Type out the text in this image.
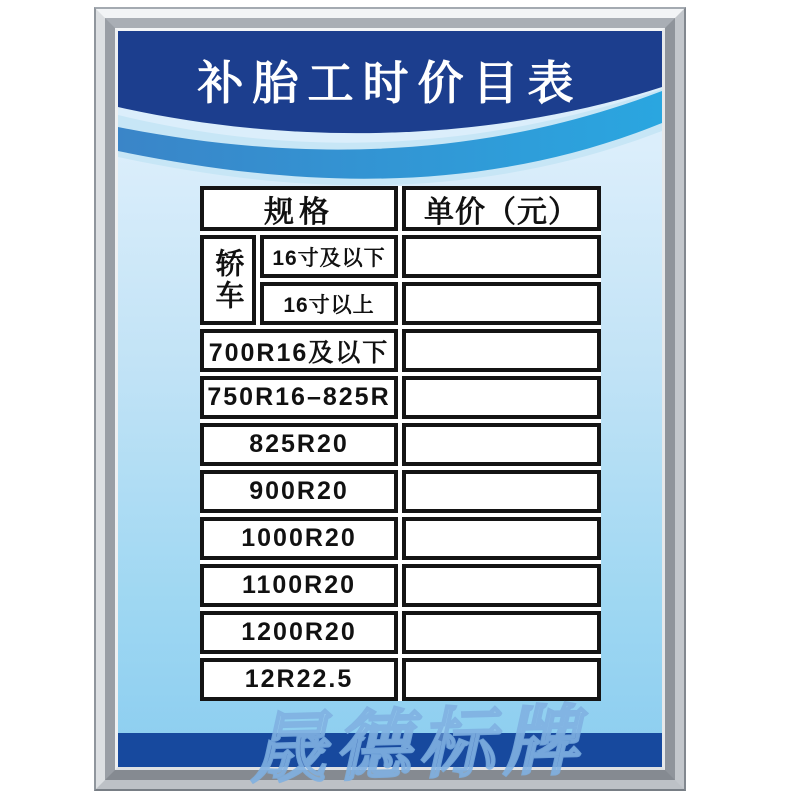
补胎工时价目表
规格	单价（元）
轿车	16寸及以下
16寸以上
700R16及以下
750R16–825R
825R20
900R20
1000R20
1100R20
1200R20
12R22.5
晟德标牌
